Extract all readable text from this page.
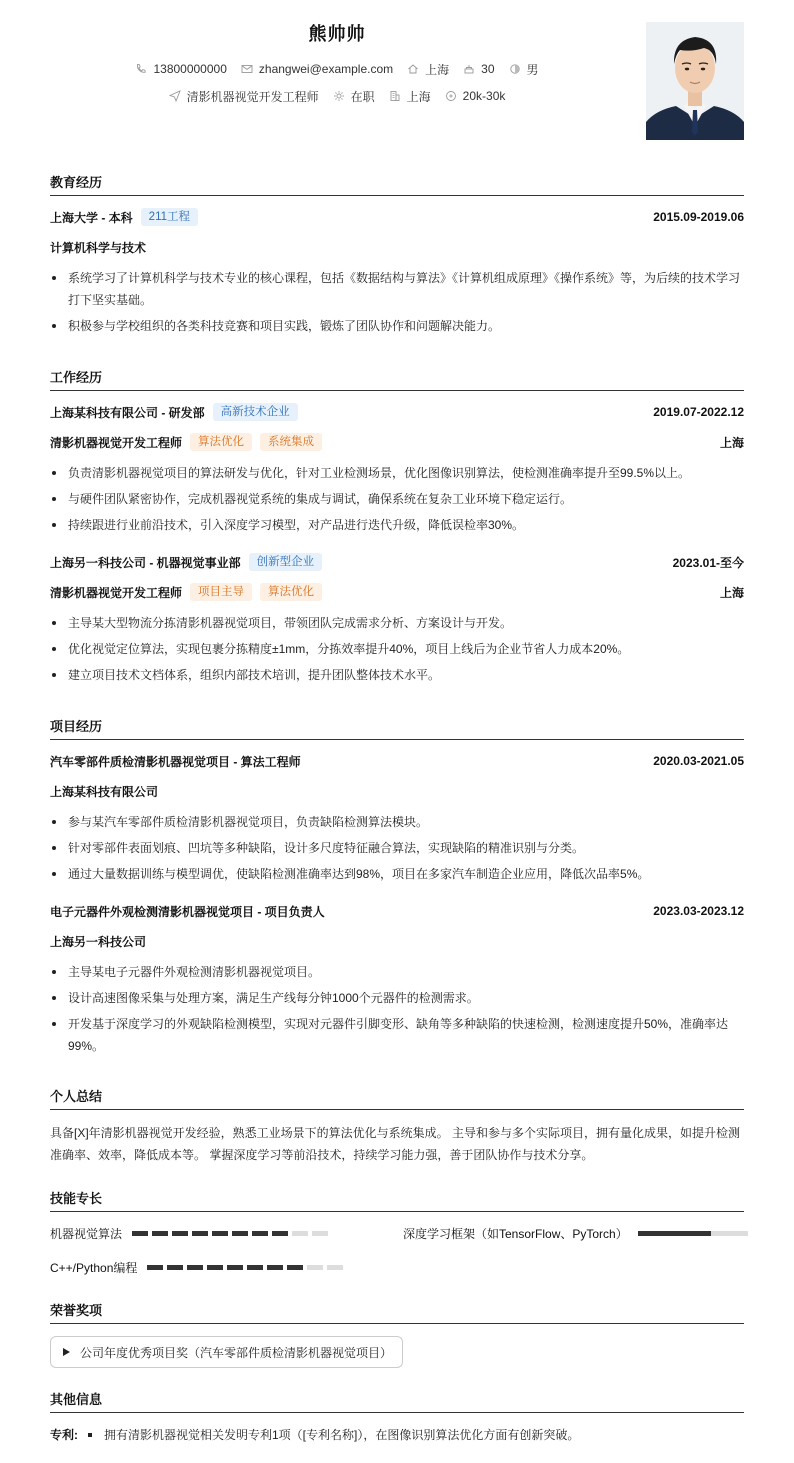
熊帅帅
13800000000	zhangwei@example.com	上海	30	男
清影机器视觉开发工程师	在职	上海	20k-30k
教育经历
上海大学 - 本科	211工程	2015.09-2019.06
计算机科学与技术
系统学习了计算机科学与技术专业的核心课程，包括《数据结构与算法》《计算机组成原理》《操作系统》等，为后续的技术学习打下坚实基础。
积极参与学校组织的各类科技竞赛和项目实践，锻炼了团队协作和问题解决能力。
工作经历
上海某科技有限公司 - 研发部	高新技术企业	2019.07-2022.12
清影机器视觉开发工程师	算法优化	系统集成	上海
负责清影机器视觉项目的算法研发与优化，针对工业检测场景，优化图像识别算法，使检测准确率提升至99.5%以上。
与硬件团队紧密协作，完成机器视觉系统的集成与调试，确保系统在复杂工业环境下稳定运行。
持续跟进行业前沿技术，引入深度学习模型，对产品进行迭代升级，降低误检率30%。
上海另一科技公司 - 机器视觉事业部	创新型企业	2023.01-至今
清影机器视觉开发工程师	项目主导	算法优化	上海
主导某大型物流分拣清影机器视觉项目，带领团队完成需求分析、方案设计与开发。
优化视觉定位算法，实现包裹分拣精度±1mm，分拣效率提升40%，项目上线后为企业节省人力成本20%。
建立项目技术文档体系，组织内部技术培训，提升团队整体技术水平。
项目经历
汽车零部件质检清影机器视觉项目 - 算法工程师	2020.03-2021.05
上海某科技有限公司
参与某汽车零部件质检清影机器视觉项目，负责缺陷检测算法模块。
针对零部件表面划痕、凹坑等多种缺陷，设计多尺度特征融合算法，实现缺陷的精准识别与分类。
通过大量数据训练与模型调优，使缺陷检测准确率达到98%，项目在多家汽车制造企业应用，降低次品率5%。
电子元器件外观检测清影机器视觉项目 - 项目负责人	2023.03-2023.12
上海另一科技公司
主导某电子元器件外观检测清影机器视觉项目。
设计高速图像采集与处理方案，满足生产线每分钟1000个元器件的检测需求。
开发基于深度学习的外观缺陷检测模型，实现对元器件引脚变形、缺角等多种缺陷的快速检测，检测速度提升50%，准确率达99%。
个人总结
具备[X]年清影机器视觉开发经验，熟悉工业场景下的算法优化与系统集成。 主导和参与多个实际项目，拥有量化成果，如提升检测准确率、效率，降低成本等。 掌握深度学习等前沿技术，持续学习能力强，善于团队协作与技术分享。
技能专长
机器视觉算法	深度学习框架（如TensorFlow、PyTorch）
C++/Python编程
荣誉奖项
公司年度优秀项目奖（汽车零部件质检清影机器视觉项目）
其他信息
专利: 拥有清影机器视觉相关发明专利1项（[专利名称]），在图像识别算法优化方面有创新突破。
